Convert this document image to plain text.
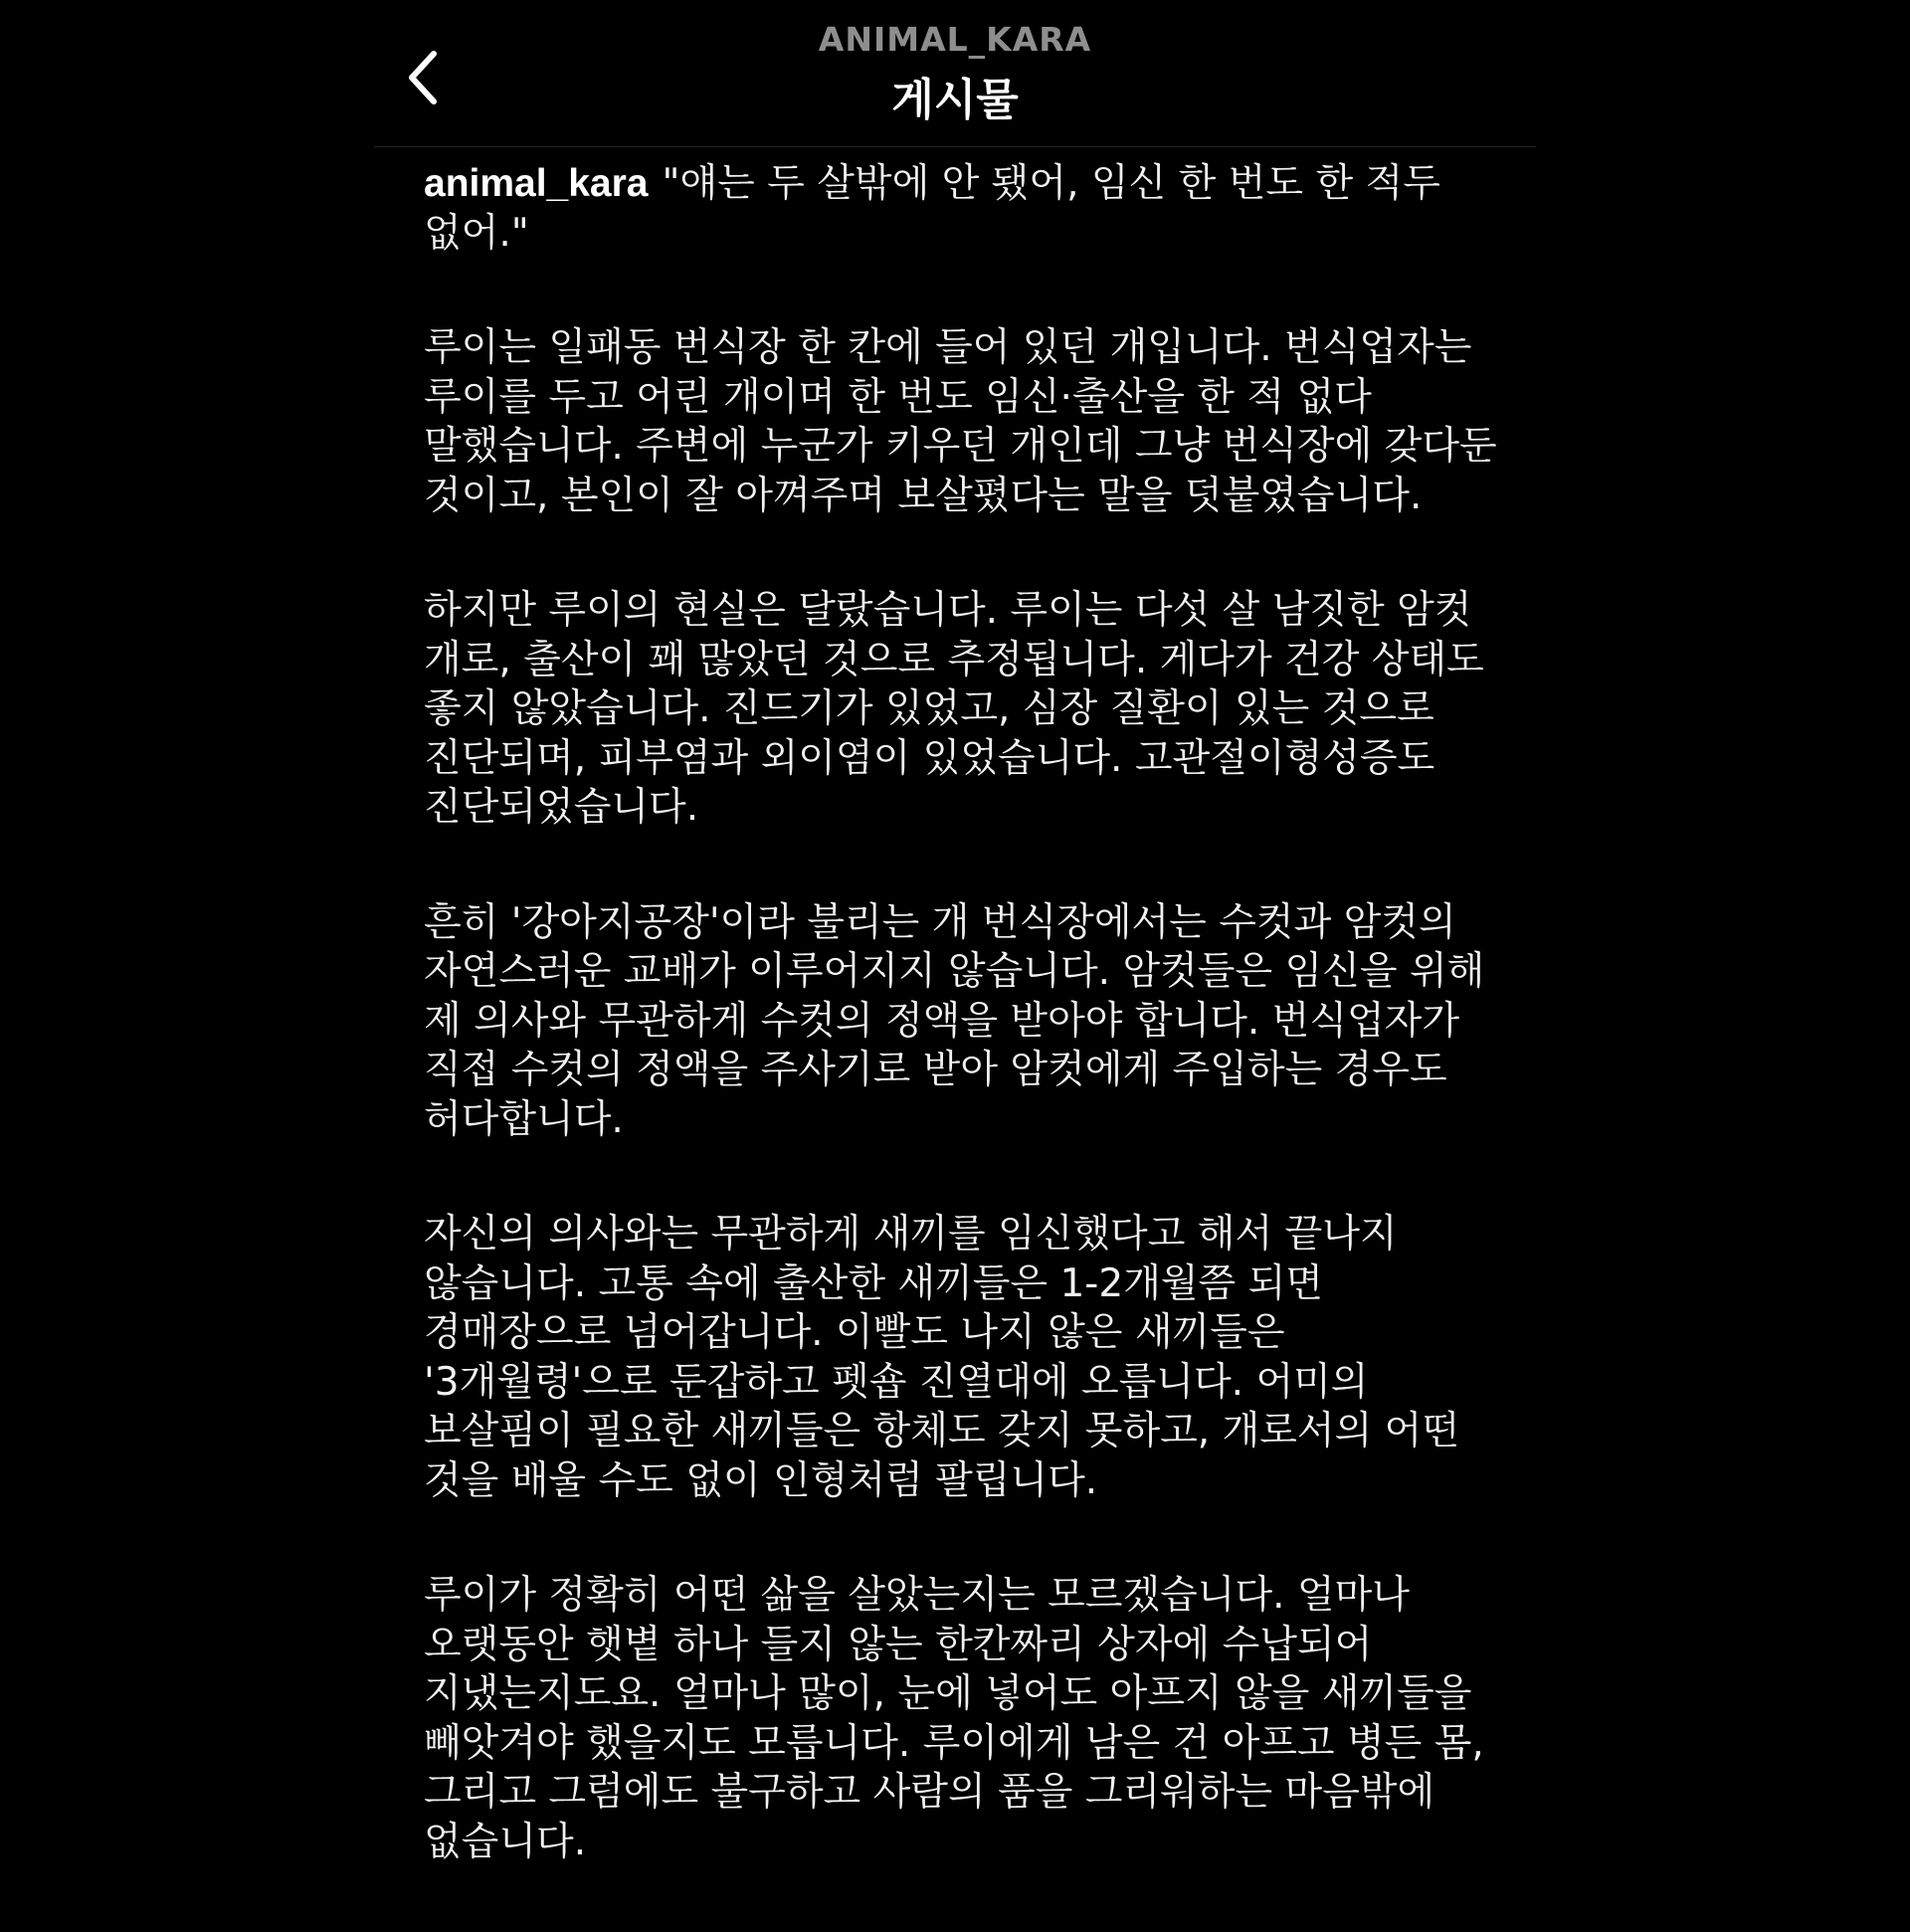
ANIMAL_KARA
게시물

animal_kara "얘는 두 살밖에 안 됐어, 임신 한 번도 한 적두 없어."

루이는 일패동 번식장 한 칸에 들어 있던 개입니다. 번식업자는 루이를 두고 어린 개이며 한 번도 임신·출산을 한 적 없다 말했습니다. 주변에 누군가 키우던 개인데 그냥 번식장에 갖다둔 것이고, 본인이 잘 아껴주며 보살폈다는 말을 덧붙였습니다.

하지만 루이의 현실은 달랐습니다. 루이는 다섯 살 남짓한 암컷 개로, 출산이 꽤 많았던 것으로 추정됩니다. 게다가 건강 상태도 좋지 않았습니다. 진드기가 있었고, 심장 질환이 있는 것으로 진단되며, 피부염과 외이염이 있었습니다. 고관절이형성증도 진단되었습니다.

흔히 '강아지공장'이라 불리는 개 번식장에서는 수컷과 암컷의 자연스러운 교배가 이루어지지 않습니다. 암컷들은 임신을 위해 제 의사와 무관하게 수컷의 정액을 받아야 합니다. 번식업자가 직접 수컷의 정액을 주사기로 받아 암컷에게 주입하는 경우도 허다합니다.

자신의 의사와는 무관하게 새끼를 임신했다고 해서 끝나지 않습니다. 고통 속에 출산한 새끼들은 1-2개월쯤 되면 경매장으로 넘어갑니다. 이빨도 나지 않은 새끼들은 '3개월령'으로 둔갑하고 펫숍 진열대에 오릅니다. 어미의 보살핌이 필요한 새끼들은 항체도 갖지 못하고, 개로서의 어떤 것을 배울 수도 없이 인형처럼 팔립니다.

루이가 정확히 어떤 삶을 살았는지는 모르겠습니다. 얼마나 오랫동안 햇볕 하나 들지 않는 한칸짜리 상자에 수납되어 지냈는지도요. 얼마나 많이, 눈에 넣어도 아프지 않을 새끼들을 빼앗겨야 했을지도 모릅니다. 루이에게 남은 건 아프고 병든 몸, 그리고 그럼에도 불구하고 사람의 품을 그리워하는 마음밖에 없습니다.
